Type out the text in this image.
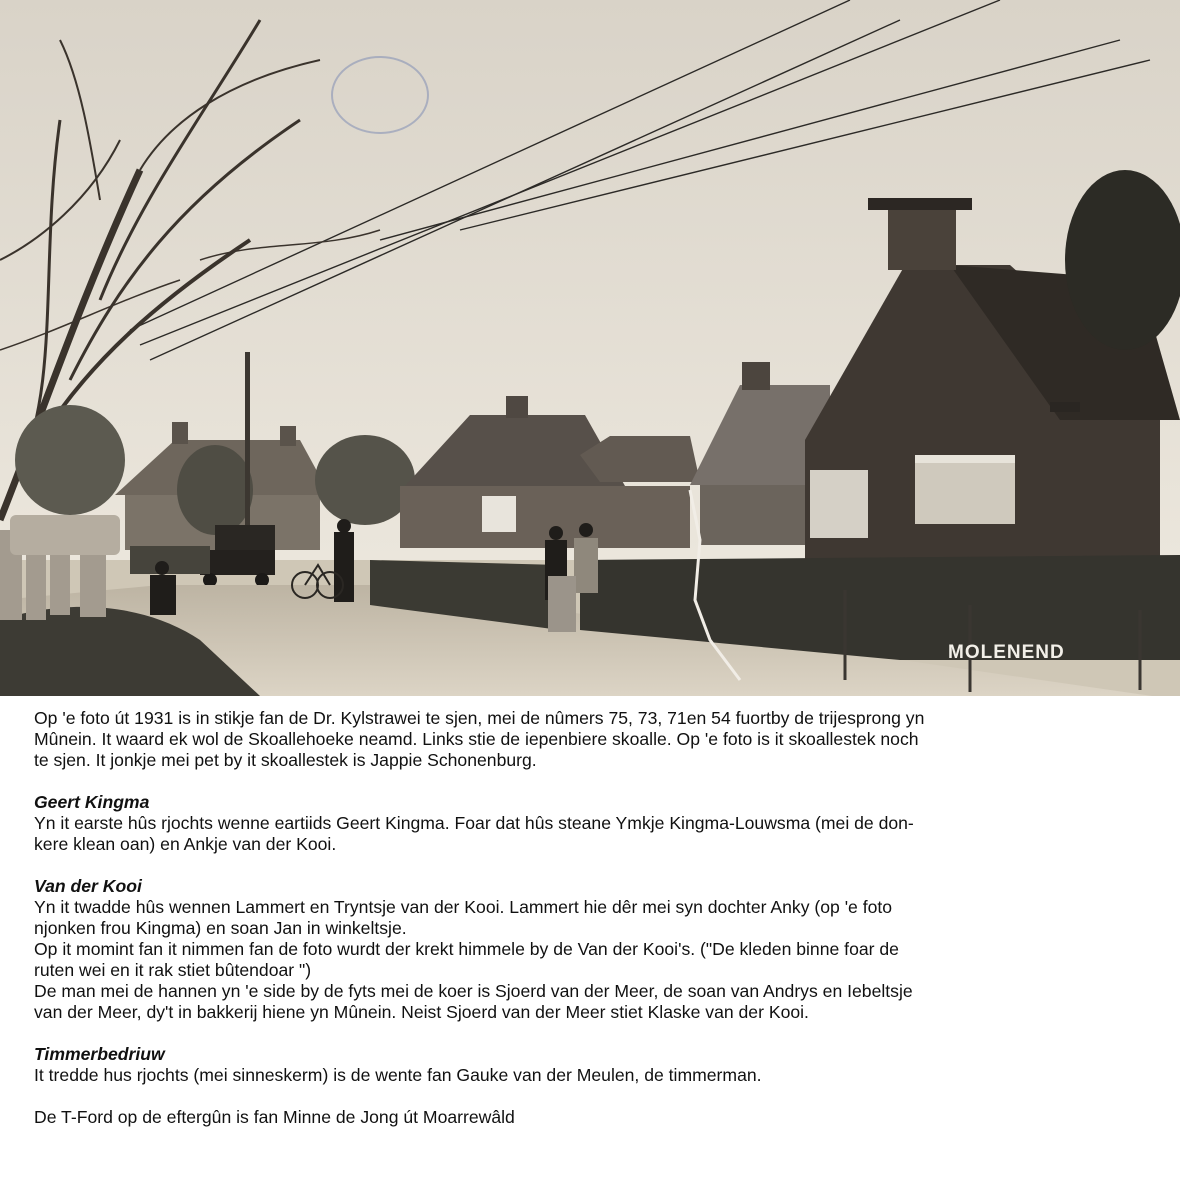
MOLENEND

Op 'e foto út 1931 is in stikje fan de Dr. Kylstrawei te sjen, mei de nûmers 75, 73, 71en 54 fuortby de trijesprong yn

Mûnein. It waard ek wol de Skoallehoeke neamd. Links stie de iepenbiere skoalle. Op 'e foto is it skoallestek noch

te sjen. It jonkje mei pet by it skoallestek is Jappie Schonenburg.

Geert Kingma

Yn it earste hûs rjochts wenne eartiids Geert Kingma. Foar dat hûs steane Ymkje Kingma-Louwsma (mei de don-

kere klean oan) en Ankje van der Kooi.

Van der Kooi

Yn it twadde hûs wennen Lammert en Tryntsje van der Kooi. Lammert hie dêr mei syn dochter Anky (op 'e foto

njonken frou Kingma) en soan Jan in winkeltsje.

Op it momint fan it nimmen fan de foto wurdt der krekt himmele by de Van der Kooi's. ("De kleden binne foar de

ruten wei en it rak stiet bûtendoar ")

De man mei de hannen yn 'e side by de fyts mei de koer is Sjoerd van der Meer, de soan van Andrys en Iebeltsje

van der Meer, dy't in bakkerij hiene yn Mûnein. Neist Sjoerd van der Meer stiet Klaske van der Kooi.

Timmerbedriuw

It tredde hus rjochts (mei sinneskerm) is de wente fan Gauke van der Meulen, de timmerman.

De T-Ford op de eftergûn is fan Minne de Jong út Moarrewâld
